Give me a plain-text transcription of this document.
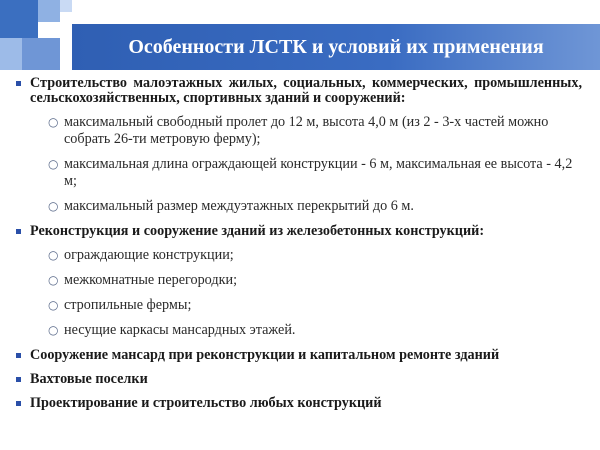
Особенности ЛСТК и условий их применения
Строительство малоэтажных жилых, социальных, коммерческих, промышленных, сельскохозяйственных, спортивных зданий и сооружений:
○ максимальный свободный пролет до 12 м, высота 4,0 м (из 2 - 3-х частей можно собрать 26-ти метровую ферму);
○ максимальная длина ограждающей конструкции - 6 м, максимальная ее высота - 4,2 м;
○ максимальный размер междуэтажных перекрытий до 6 м.
Реконструкция и сооружение зданий из железобетонных конструкций:
○ ограждающие конструкции;
○ межкомнатные перегородки;
○ стропильные фермы;
○ несущие каркасы мансардных этажей.
Сооружение мансард при реконструкции и капитальном ремонте зданий
Вахтовые поселки
Проектирование и строительство любых конструкций
